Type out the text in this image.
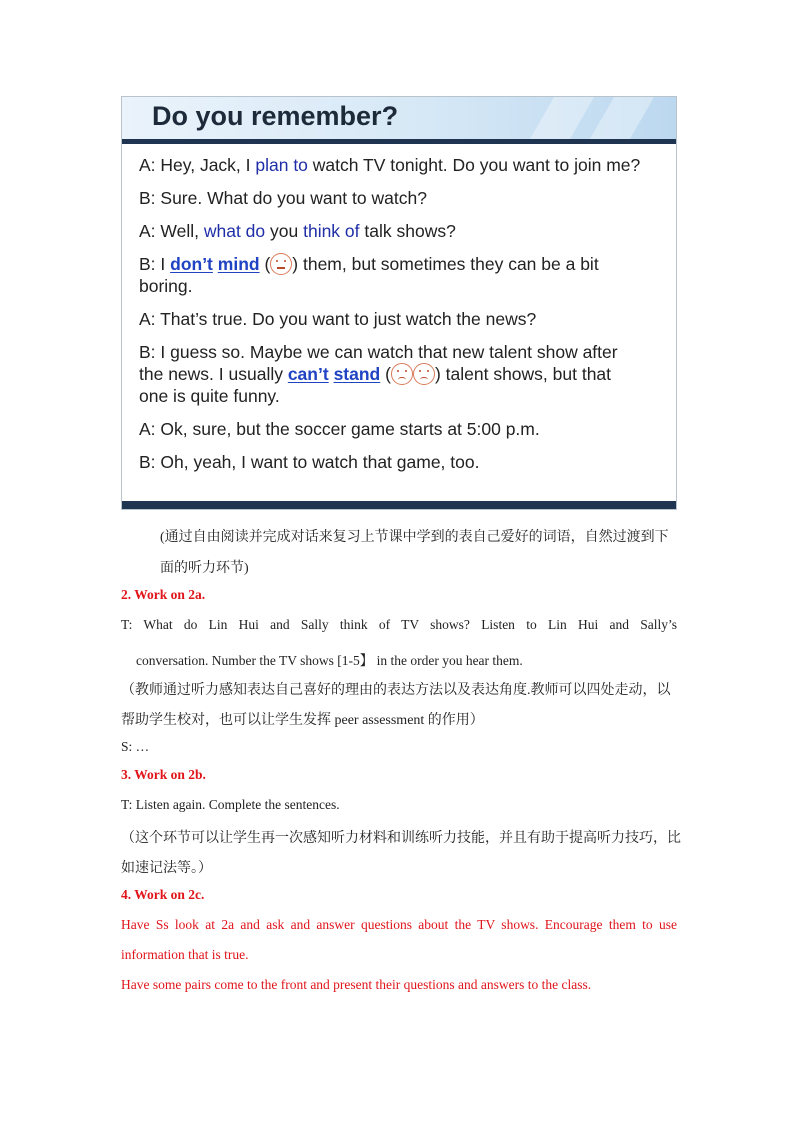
Do you remember?

A: Hey, Jack, I plan to watch TV tonight. Do you want to join me?

B: Sure. What do you want to watch?

A: Well, what do you think of talk shows?

B: I don’t mind ( ) them, but sometimes they can be a bit

boring.

A: That’s true. Do you want to just watch the news?

B: I guess so. Maybe we can watch that new talent show after

the news. I usually can’t stand (	) talent shows, but that

one is quite funny.

A: Ok, sure, but the soccer game starts at 5:00 p.m.

B: Oh, yeah, I want to watch that game, too.

(通过自由阅读并完成对话来复习上节课中学到的表自己爱好的词语，自然过渡到下

面的听力环节)

2. Work on 2a.

T: What do Lin Hui and Sally think of TV shows? Listen to Lin Hui and Sally’s

conversation. Number the TV shows [1-5】 in the order you hear them.

（教师通过听力感知表达自己喜好的理由的表达方法以及表达角度.教师可以四处走动，以

帮助学生校对，也可以让学生发挥 peer assessment 的作用）

S: …

3. Work on 2b.

T: Listen again. Complete the sentences.

（这个环节可以让学生再一次感知听力材料和训练听力技能，并且有助于提高听力技巧，比

如速记法等。）

4. Work on 2c.

Have Ss look at 2a and ask and answer questions about the TV shows. Encourage them to use

information that is true.

Have some pairs come to the front and present their questions and answers to the class.
